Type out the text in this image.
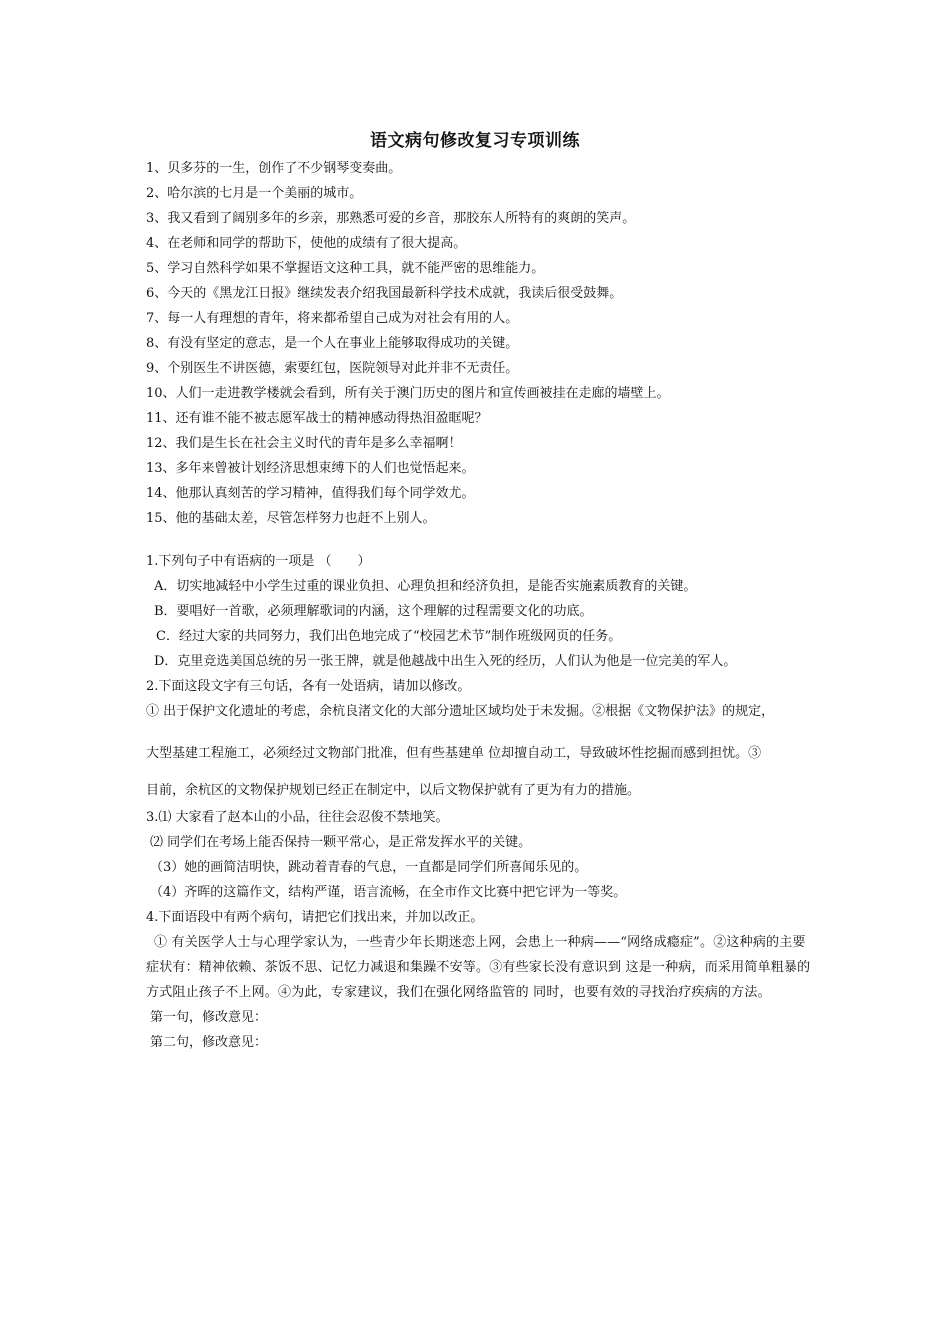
语文病句修改复习专项训练
1、贝多芬的一生，创作了不少钢琴变奏曲。
2、哈尔滨的七月是一个美丽的城市。
3、我又看到了阔别多年的乡亲，那熟悉可爱的乡音，那胶东人所特有的爽朗的笑声。
4、在老师和同学的帮助下，使他的成绩有了很大提高。
5、学习自然科学如果不掌握语文这种工具，就不能严密的思维能力。
6、今天的《黑龙江日报》继续发表介绍我国最新科学技术成就，我读后很受鼓舞。
7、每一人有理想的青年，将来都希望自己成为对社会有用的人。
8、有没有坚定的意志，是一个人在事业上能够取得成功的关键。
9、个别医生不讲医德，索要红包，医院领导对此并非不无责任。
10、人们一走进教学楼就会看到，所有关于澳门历史的图片和宣传画被挂在走廊的墙壁上。
11、还有谁不能不被志愿军战士的精神感动得热泪盈眶呢？
12、我们是生长在社会主义时代的青年是多么幸福啊！
13、多年来曾被计划经济思想束缚下的人们也觉悟起来。
14、他那认真刻苦的学习精神，值得我们每个同学效尤。
15、他的基础太差，尽管怎样努力也赶不上别人。
1.下列句子中有语病的一项是 （　　）
A．切实地减轻中小学生过重的课业负担、心理负担和经济负担，是能否实施素质教育的关键。
B．要唱好一首歌，必须理解歌词的内涵，这个理解的过程需要文化的功底。
C．经过大家的共同努力，我们出色地完成了“校园艺术节”制作班级网页的任务。
D．克里竞选美国总统的另一张王牌，就是他越战中出生入死的经历，人们认为他是一位完美的军人。
2.下面这段文字有三句话，各有一处语病，请加以修改。
① 出于保护文化遗址的考虑，余杭良渚文化的大部分遗址区域均处于未发掘。②根据《文物保护法》的规定，
大型基建工程施工，必须经过文物部门批准，但有些基建单 位却擅自动工，导致破坏性挖掘而感到担忧。③
目前，余杭区的文物保护规划已经正在制定中，以后文物保护就有了更为有力的措施。
3.⑴ 大家看了赵本山的小品，往往会忍俊不禁地笑。
⑵ 同学们在考场上能否保持一颗平常心，是正常发挥水平的关键。
（3）她的画简洁明快，跳动着青春的气息，一直都是同学们所喜闻乐见的。
（4）齐晖的这篇作文，结构严谨，语言流畅，在全市作文比赛中把它评为一等奖。
4.下面语段中有两个病句，请把它们找出来，并加以改正。
① 有关医学人士与心理学家认为，一些青少年长期迷恋上网，会患上一种病——“网络成瘾症”。②这种病的主要症状有：精神依赖、茶饭不思、记忆力减退和集躁不安等。③有些家长没有意识到 这是一种病，而采用简单粗暴的方式阻止孩子不上网。④为此，专家建议，我们在强化网络监管的 同时，也要有效的寻找治疗疾病的方法。
第一句，修改意见：
第二句，修改意见：
